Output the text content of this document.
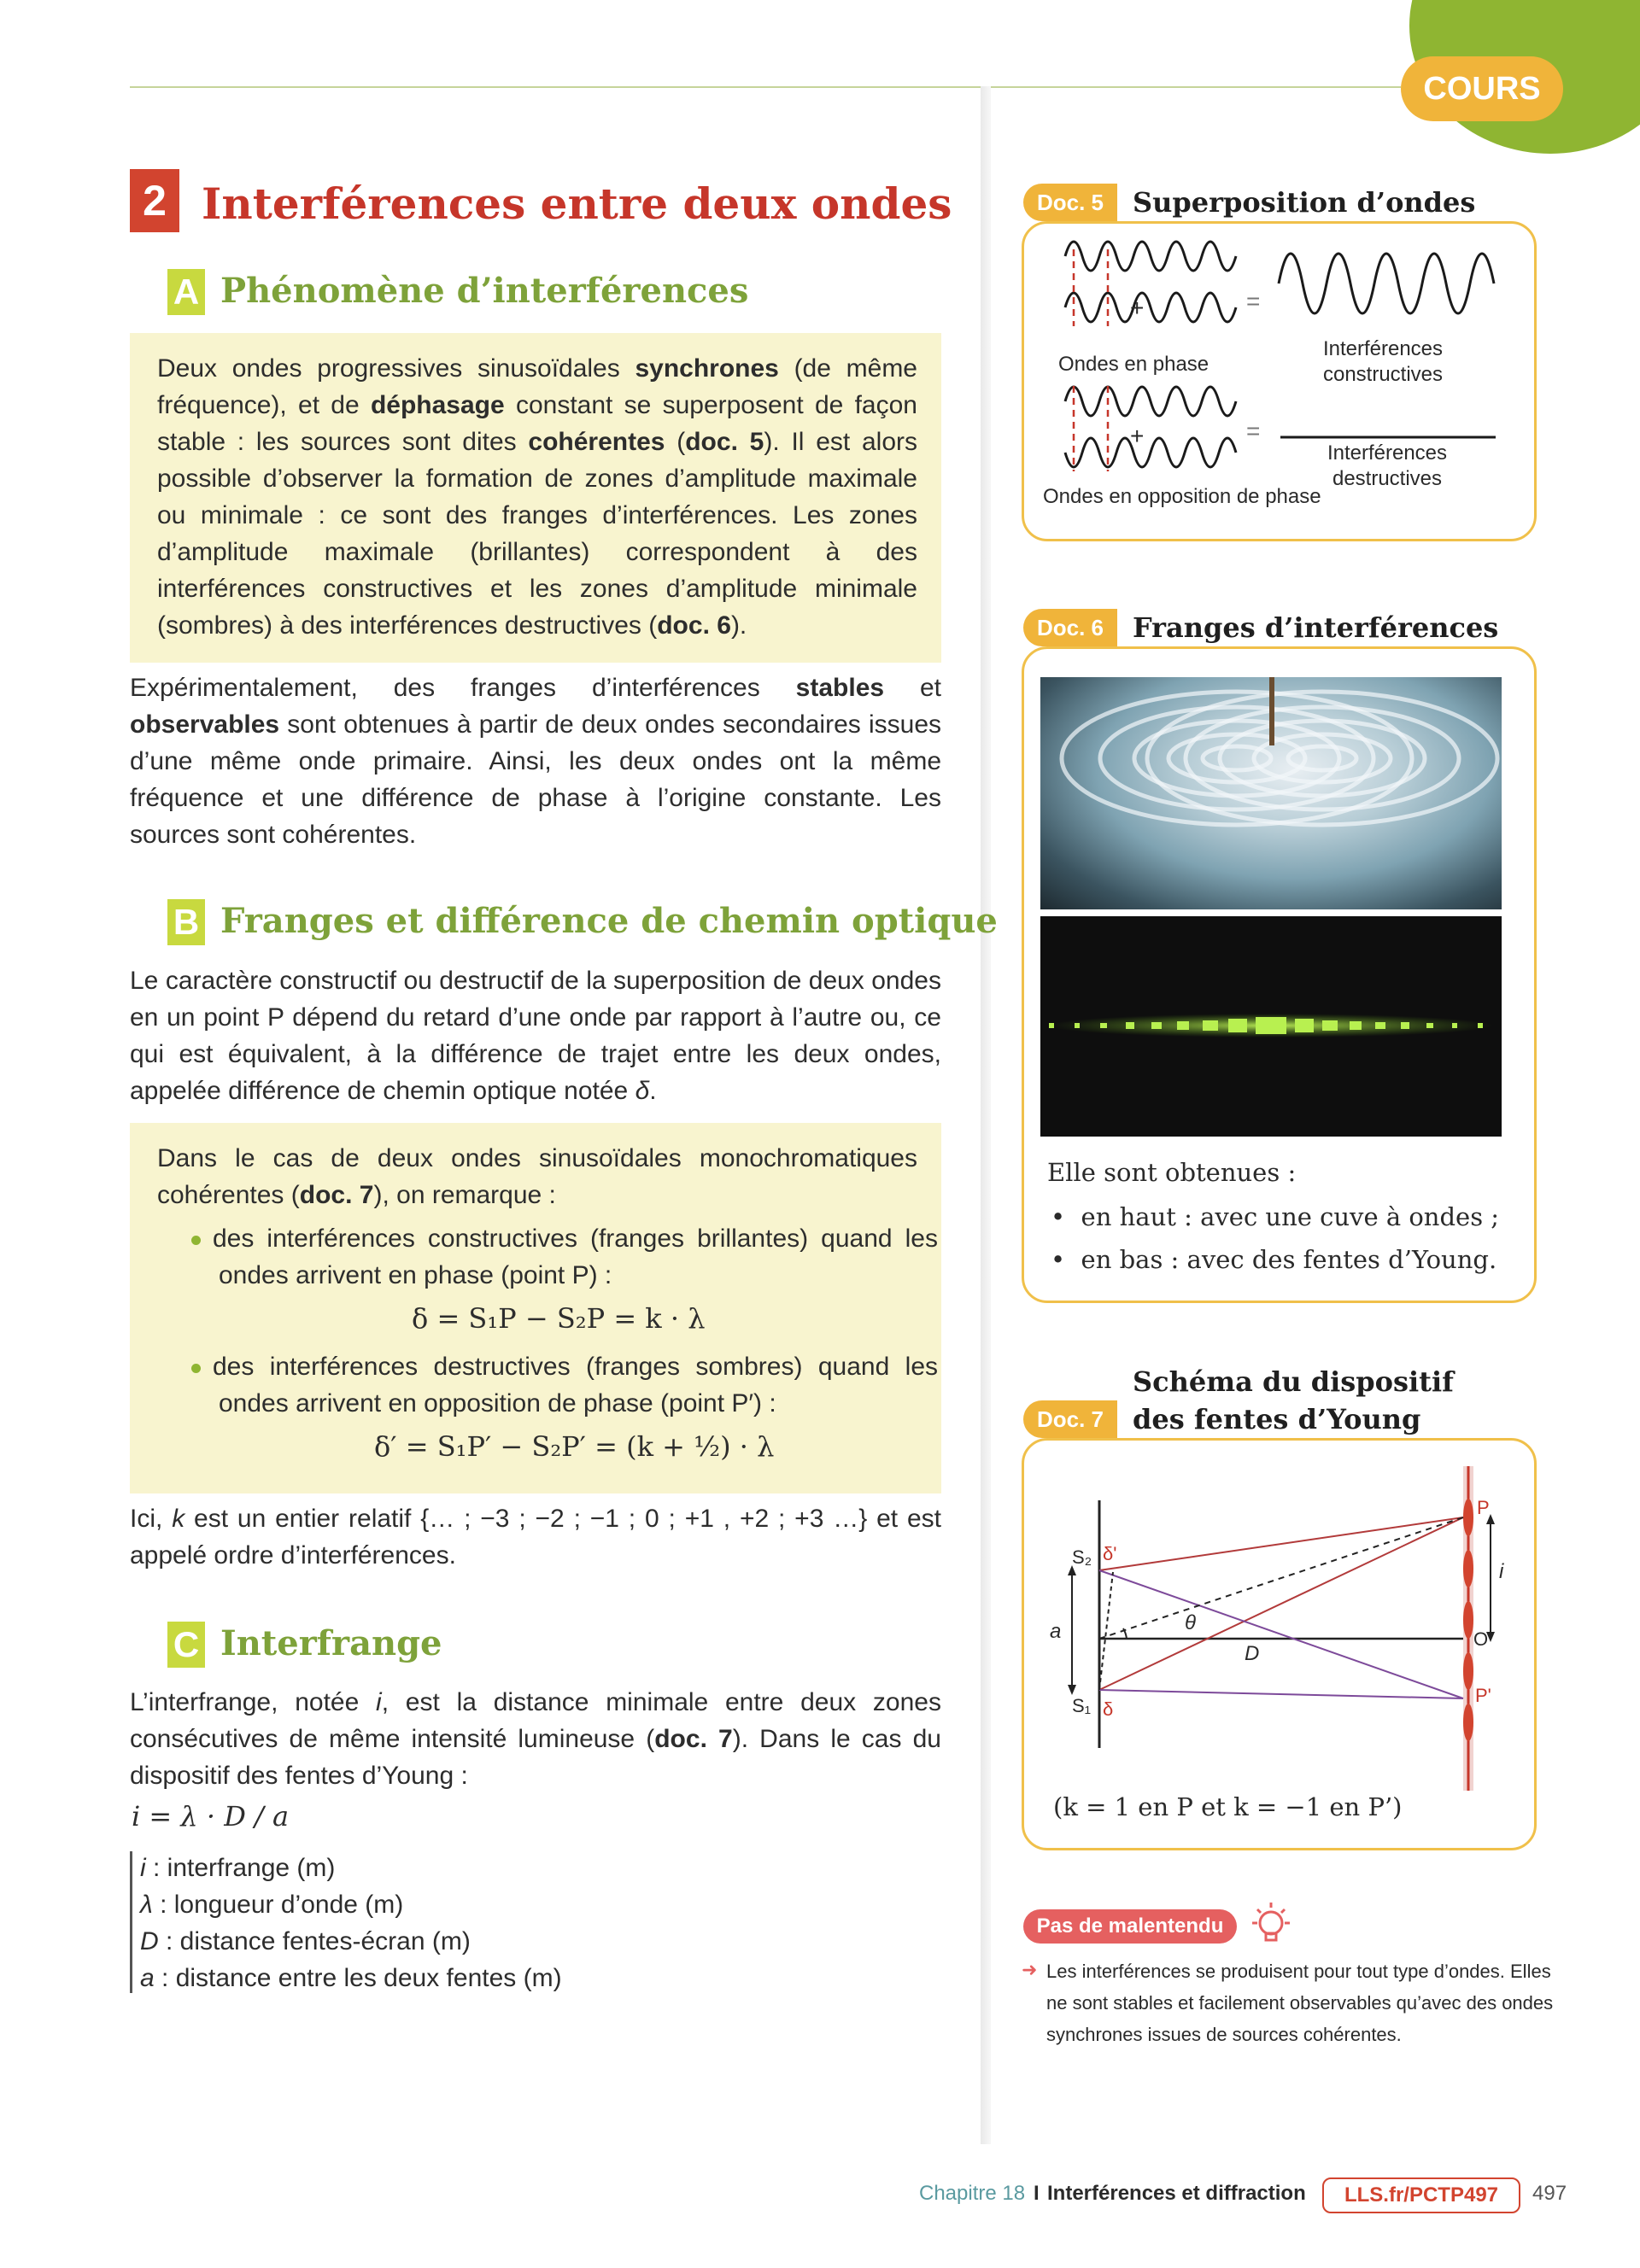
COURS
2 Interférences entre deux ondes
A Phénomène d’interférences
Deux ondes progressives sinusoïdales synchrones (de même fréquence), et de déphasage constant se superposent de façon stable : les sources sont dites cohérentes (doc. 5). Il est alors possible d’observer la formation de zones d’amplitude maximale ou minimale : ce sont des franges d’interférences. Les zones d’amplitude maximale (brillantes) correspondent à des interférences constructives et les zones d’amplitude minimale (sombres) à des interférences destructives (doc. 6).
Expérimentalement, des franges d’interférences stables et observables sont obtenues à partir de deux ondes secondaires issues d’une même onde primaire. Ainsi, les deux ondes ont la même fréquence et une différence de phase à l’origine constante. Les sources sont cohérentes.
B Franges et différence de chemin optique
Le caractère constructif ou destructif de la superposition de deux ondes en un point P dépend du retard d’une onde par rapport à l’autre ou, ce qui est équivalent, à la différence de trajet entre les deux ondes, appelée différence de chemin optique notée δ.
Dans le cas de deux ondes sinusoïdales monochromatiques cohérentes (doc. 7), on remarque :
des interférences constructives (franges brillantes) quand les ondes arrivent en phase (point P) :
δ = S₁P − S₂P = k · λ
des interférences destructives (franges sombres) quand les ondes arrivent en opposition de phase (point P′) :
δ′ = S₁P′ − S₂P′ = (k + ½) · λ
Ici, k est un entier relatif {… ; −3 ; −2 ; −1 ; 0 ; +1 , +2 ; +3 …} et est appelé ordre d’interférences.
C Interfrange
L’interfrange, notée i, est la distance minimale entre deux zones consécutives de même intensité lumineuse (doc. 7). Dans le cas du dispositif des fentes d’Young :
i = λ · D / a
i : interfrange (m)
λ : longueur d’onde (m)
D : distance fentes-écran (m)
a : distance entre les deux fentes (m)
Doc. 5	Superposition d’ondes
+
+
=
=
Ondes en phase
Interférences constructives
Interférences destructives
Ondes en opposition de phase
Doc. 6	Franges d’interférences
Elle sont obtenues :
•  en haut : avec une cuve à ondes ;
•  en bas : avec des fentes d’Young.
Doc. 7
Schéma du dispositif
des fentes d’Young
S₂ δ'
S₁ δ
P
P'
O
i
a
D
θ
(k = 1 en P et k = −1 en P’)
Pas de malentendu
➜ Les interférences se produisent pour tout type d’ondes. Elles ne sont stables et facilement observables qu’avec des ondes synchrones issues de sources cohérentes.
Chapitre 18 I Interférences et diffraction	LLS.fr/PCTP497	497
